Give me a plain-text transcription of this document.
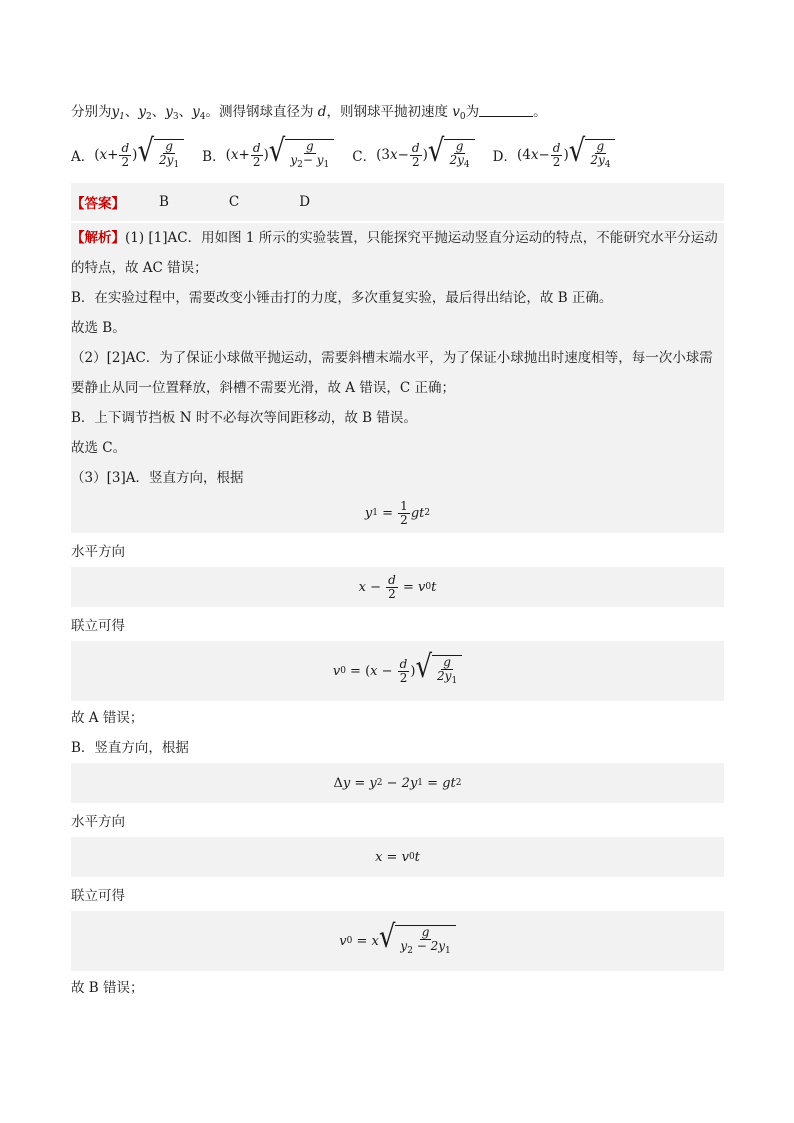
分别为$y_1$、$y_2$、$y_3$、$y_4$。测得钢球直径为 d，则钢球平抛初速度 $v_0$为	。

A． ( $x + \frac{d}{2}$ ) √ $\frac{g}{2y_1}$ B． ( $x + \frac{d}{2}$ ) √ $\frac{g}{y_2- y_1}$ C． ( 3 $x - \frac{d}{2}$ ) √ $\frac{g}{2y_4}$ D． ( 4 $x - \frac{d}{2}$ ) √ $\frac{g}{2y_4}$
【答案】	B	C	D
【解析】(1) [1]AC．用如图 1 所示的实验装置，只能探究平抛运动竖直分运动的特点，不能研究水平分运动的特点，故 AC 错误；
B．在实验过程中，需要改变小锤击打的力度，多次重复实验，最后得出结论，故 B 正确。
故选 B。
（2）[2]AC．为了保证小球做平抛运动，需要斜槽末端水平，为了保证小球抛出时速度相等，每一次小球需要静止从同一位置释放，斜槽不需要光滑，故 A 错误，C 正确；
B．上下调节挡板 N 时不必每次等间距移动，故 B 错误。
故选 C。
（3）[3]A．竖直方向，根据
y $1 = \frac{1}{2}$ gt 2
水平方向
$x - \frac{d}{2} = v$ 0 t
联立可得
v 0 = ( $x - \frac{d}{2}$ ) √ $\frac{g}{2y_1}$
故 A 错误；
B．竖直方向，根据
Δ y = y 2 − 2y 1 = gt 2
水平方向
x = v 0 t
联立可得
v 0 = x √ $\frac{g}{y_2 - 2y_1}$
故 B 错误；
